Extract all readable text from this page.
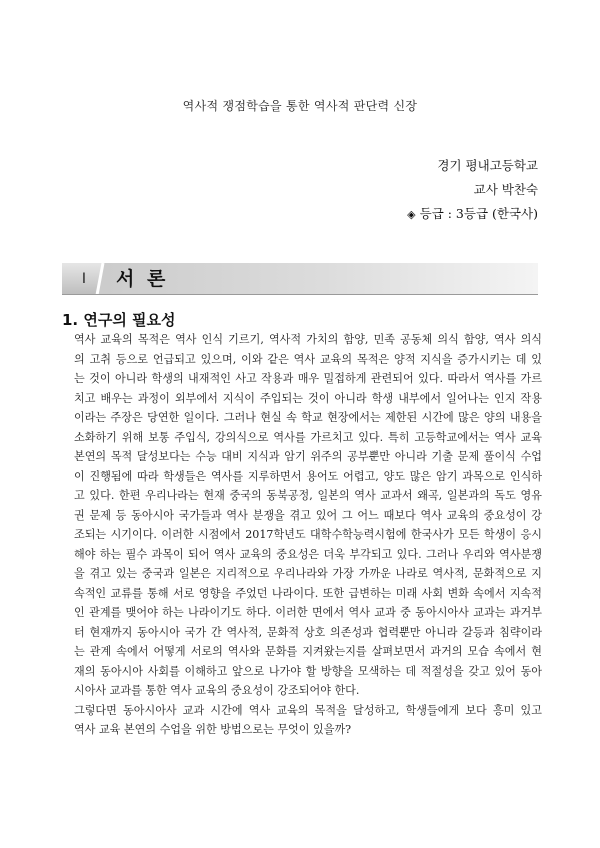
역사적 쟁점학습을 통한 역사적 판단력 신장
경기 평내고등학교
교사 박찬숙
◈ 등급 : 3등급 (한국사)
Ⅰ	서 론
1. 연구의 필요성

역사 교육의 목적은 역사 인식 기르기, 역사적 가치의 함양, 민족 공동체 의식 함양, 역사 의식
의 고취 등으로 언급되고 있으며, 이와 같은 역사 교육의 목적은 양적 지식을 증가시키는 데 있
는 것이 아니라 학생의 내재적인 사고 작용과 매우 밀접하게 관련되어 있다. 따라서 역사를 가르
치고 배우는 과정이 외부에서 지식이 주입되는 것이 아니라 학생 내부에서 일어나는 인지 작용
이라는 주장은 당연한 일이다. 그러나 현실 속 학교 현장에서는 제한된 시간에 많은 양의 내용을
소화하기 위해 보통 주입식, 강의식으로 역사를 가르치고 있다. 특히 고등학교에서는 역사 교육
본연의 목적 달성보다는 수능 대비 지식과 암기 위주의 공부뿐만 아니라 기출 문제 풀이식 수업
이 진행됨에 따라 학생들은 역사를 지루하면서 용어도 어렵고, 양도 많은 암기 과목으로 인식하
고 있다. 한편 우리나라는 현재 중국의 동북공정, 일본의 역사 교과서 왜곡, 일본과의 독도 영유
권 문제 등 동아시아 국가들과 역사 분쟁을 겪고 있어 그 어느 때보다 역사 교육의 중요성이 강
조되는 시기이다. 이러한 시점에서 2017학년도 대학수학능력시험에 한국사가 모든 학생이 응시
해야 하는 필수 과목이 되어 역사 교육의 중요성은 더욱 부각되고 있다. 그러나 우리와 역사분쟁
을 겪고 있는 중국과 일본은 지리적으로 우리나라와 가장 가까운 나라로 역사적, 문화적으로 지
속적인 교류를 통해 서로 영향을 주었던 나라이다. 또한 급변하는 미래 사회 변화 속에서 지속적
인 관계를 맺어야 하는 나라이기도 하다. 이러한 면에서 역사 교과 중 동아시아사 교과는 과거부
터 현재까지 동아시아 국가 간 역사적, 문화적 상호 의존성과 협력뿐만 아니라 갈등과 침략이라
는 관계 속에서 어떻게 서로의 역사와 문화를 지켜왔는지를 살펴보면서 과거의 모습 속에서 현
재의 동아시아 사회를 이해하고 앞으로 나가야 할 방향을 모색하는 데 적절성을 갖고 있어 동아
시아사 교과를 통한 역사 교육의 중요성이 강조되어야 한다.

그렇다면 동아시아사 교과 시간에 역사 교육의 목적을 달성하고, 학생들에게 보다 흥미 있고
역사 교육 본연의 수업을 위한 방법으로는 무엇이 있을까?
